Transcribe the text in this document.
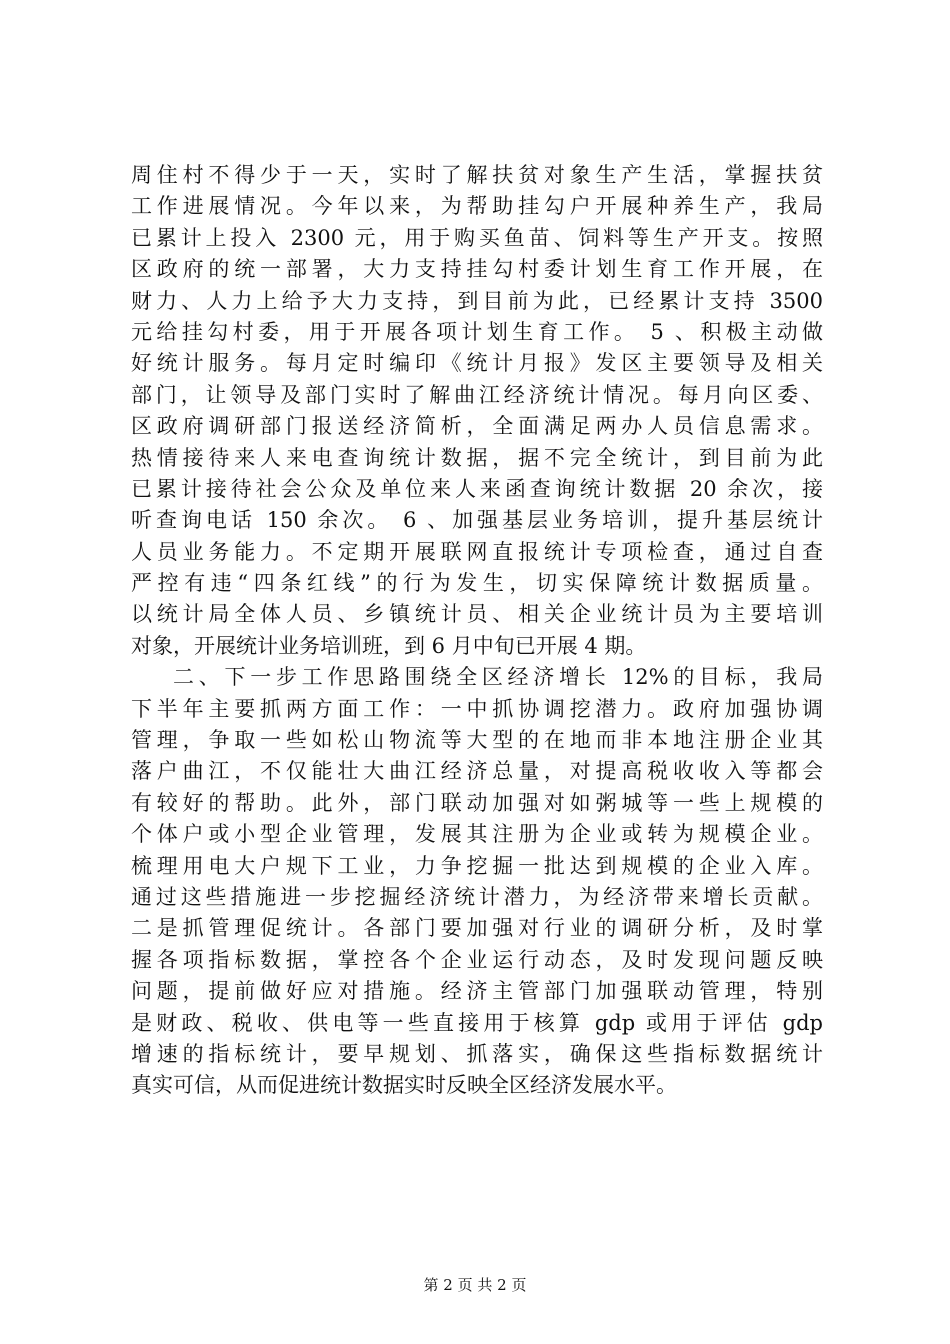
周住村不得少于一天，实时了解扶贫对象生产生活，掌握扶贫
工作进展情况。今年以来，为帮助挂勾户开展种养生产，我局
已累计上投入 2300 元，用于购买鱼苗、饲料等生产开支。按照
区政府的统一部署，大力支持挂勾村委计划生育工作开展，在
财力、人力上给予大力支持，到目前为此，已经累计支持 3500
元给挂勾村委，用于开展各项计划生育工作。 5 、积极主动做
好统计服务。每月定时编印《统计月报》发区主要领导及相关
部门，让领导及部门实时了解曲江经济统计情况。每月向区委、
区政府调研部门报送经济简析，全面满足两办人员信息需求。
热情接待来人来电查询统计数据，据不完全统计，到目前为此
已累计接待社会公众及单位来人来函查询统计数据 20 余次，接
听查询电话 150 余次。 6 、加强基层业务培训，提升基层统计
人员业务能力。不定期开展联网直报统计专项检查，通过自查
严控有违“四条红线”的行为发生，切实保障统计数据质量。
以统计局全体人员、乡镇统计员、相关企业统计员为主要培训
对象，开展统计业务培训班，到 6 月中旬已开展 4 期。
二、下一步工作思路围绕全区经济增长 12%的目标，我局
下半年主要抓两方面工作：一中抓协调挖潜力。政府加强协调
管理，争取一些如松山物流等大型的在地而非本地注册企业其
落户曲江，不仅能壮大曲江经济总量，对提高税收收入等都会
有较好的帮助。此外，部门联动加强对如粥城等一些上规模的
个体户或小型企业管理，发展其注册为企业或转为规模企业。
梳理用电大户规下工业，力争挖掘一批达到规模的企业入库。
通过这些措施进一步挖掘经济统计潜力，为经济带来增长贡献。
二是抓管理促统计。各部门要加强对行业的调研分析，及时掌
握各项指标数据，掌控各个企业运行动态，及时发现问题反映
问题，提前做好应对措施。经济主管部门加强联动管理，特别
是财政、税收、供电等一些直接用于核算 gdp 或用于评估 gdp
增速的指标统计，要早规划、抓落实，确保这些指标数据统计
真实可信，从而促进统计数据实时反映全区经济发展水平。
第 2 页 共 2 页
